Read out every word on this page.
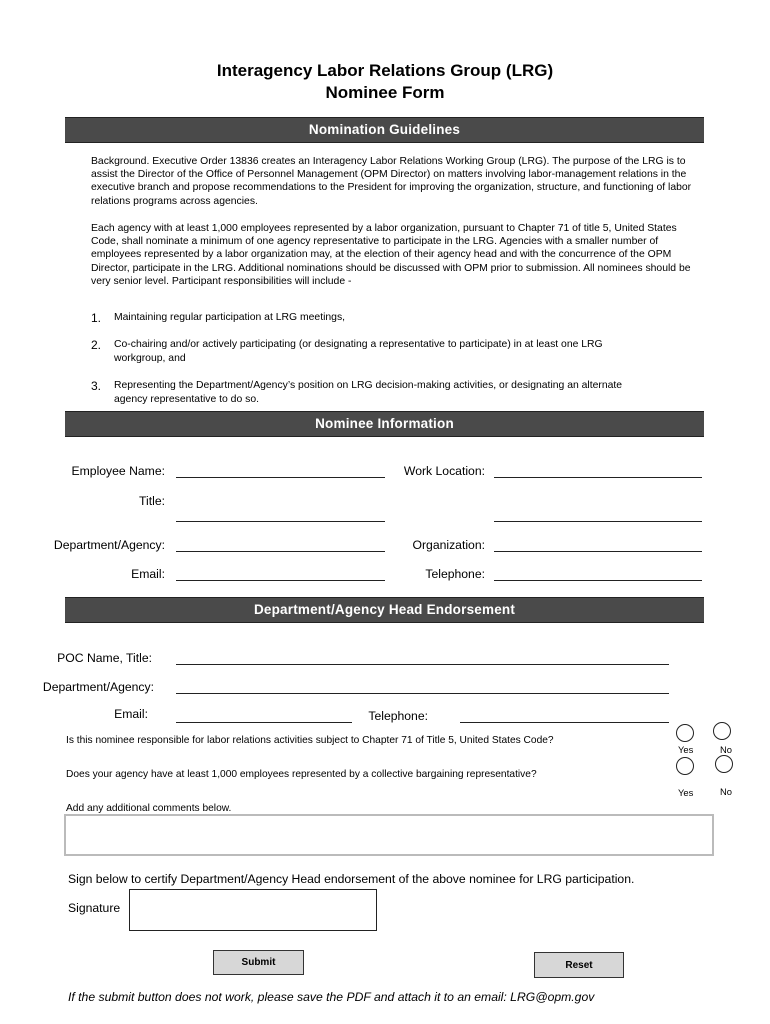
Interagency Labor Relations Group (LRG)
Nominee Form
Nomination Guidelines
Background. Executive Order 13836 creates an Interagency Labor Relations Working Group (LRG). The purpose of the LRG is to assist the Director of the Office of Personnel Management (OPM Director) on matters involving labor-management relations in the executive branch and propose recommendations to the President for improving the organization, structure, and functioning of labor relations programs across agencies.
Each agency with at least 1,000 employees represented by a labor organization, pursuant to Chapter 71 of title 5, United States Code, shall nominate a minimum of one agency representative to participate in the LRG. Agencies with a smaller number of employees represented by a labor organization may, at the election of their agency head and with the concurrence of the OPM Director, participate in the LRG. Additional nominations should be discussed with OPM prior to submission. All nominees should be very senior level. Participant responsibilities will include -
1. Maintaining regular participation at LRG meetings,
2. Co-chairing and/or actively participating (or designating a representative to participate) in at least one LRG workgroup, and
3. Representing the Department/Agency’s position on LRG decision-making activities, or designating an alternate agency representative to do so.
Nominee Information
Employee Name:	Work Location:
Title:
Department/Agency:	Organization:
Email:	Telephone:
Department/Agency Head Endorsement
POC Name, Title:
Department/Agency:
Email:	Telephone:
Is this nominee responsible for labor relations activities subject to Chapter 71 of Title 5, United States Code?
Yes	No
Does your agency have at least 1,000 employees represented by a collective bargaining representative?
Yes	No
Add any additional comments below.
Sign below to certify Department/Agency Head endorsement of the above nominee for LRG participation.
Signature
Submit	Reset
If the submit button does not work, please save the PDF and attach it to an email: LRG@opm.gov
